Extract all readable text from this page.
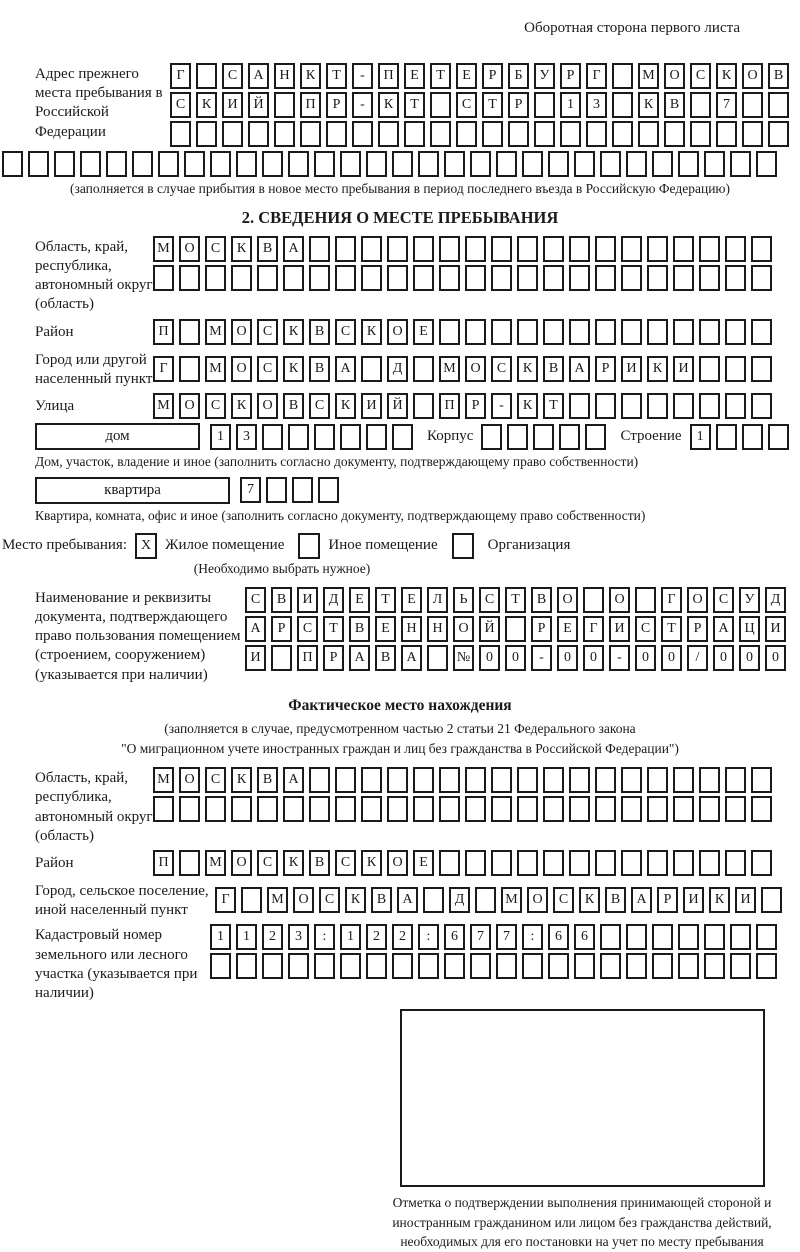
Оборотная сторона первого листа
Адрес прежнего места пребывания в Российской Федерации
Г	С	А	Н	К	Т	-	П	Е	Т	Е	Р	Б	У	Р	Г	М	О	С	К	О	В
С	К	И	Й	П	Р	-	К	Т	С	Т	Р	1	3	К	В	7
(заполняется в случае прибытия в новое место пребывания в период последнего въезда в Российскую Федерацию)
2. СВЕДЕНИЯ О МЕСТЕ ПРЕБЫВАНИЯ
Область, край, республика, автономный округ (область)
М	О	С	К	В	А
Район	П	М	О	С	К	В	С	К	О	Е
Город или другой населенный пункт
Г	М	О	С	К	В	А	Д	М	О	С	К	В	А	Р	И	К	И
Улица	М	О	С	К	О	В	С	К	И	Й	П	Р	-	К	Т
дом	1	3	Корпус	Строение	1
Дом, участок, владение и иное (заполнить согласно документу, подтверждающему право собственности)
квартира	7
Квартира, комната, офис и иное (заполнить согласно документу, подтверждающему право собственности)
Место пребывания: X Жилое помещение	Иное помещение	Организация
(Необходимо выбрать нужное)
Наименование и реквизиты документа, подтверждающего право пользования помещением (строением, сооружением) (указывается при наличии)
С	В	И	Д	Е	Т	Е	Л	Ь	С	Т	В	О	О	Г	О	С	У	Д
А	Р	С	Т	В	Е	Н	Н	О	Й	Р	Е	Г	И	С	Т	Р	А	Ц	И
И	П	Р	А	В	А	№	0	0	-	0	0	-	0	0	/	0	0	0
Фактическое место нахождения
(заполняется в случае, предусмотренном частью 2 статьи 21 Федерального закона
"О миграционном учете иностранных граждан и лиц без гражданства в Российской Федерации")
Область, край, республика, автономный округ (область)
М	О	С	К	В	А
Район	П	М	О	С	К	В	С	К	О	Е
Город, сельское поселение, иной населенный пункт
Г	М	О	С	К	В	А	Д	М	О	С	К	В	А	Р	И	К	И
Кадастровый номер земельного или лесного участка (указывается при наличии)
1	1	2	3	:	1	2	2	:	6	7	7	:	6	6
Отметка о подтверждении выполнения принимающей стороной и иностранным гражданином или лицом без гражданства действий, необходимых для его постановки на учет по месту пребывания
